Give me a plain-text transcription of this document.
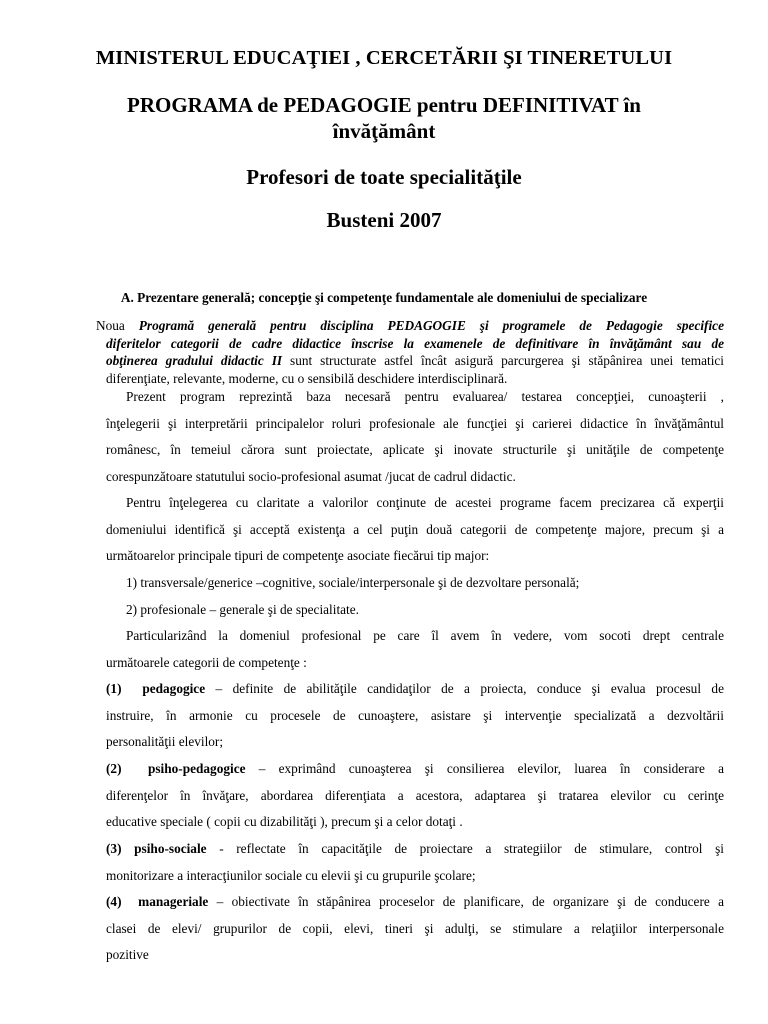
MINISTERUL EDUCAŢIEI , CERCETĂRII ŞI TINERETULUI
PROGRAMA de PEDAGOGIE pentru DEFINITIVAT în
învăţământ
Profesori de toate specialităţile
Busteni 2007
A. Prezentare generală; concepţie şi competenţe fundamentale ale domeniului de specializare
Noua Programă generală pentru disciplina PEDAGOGIE şi programele de Pedagogie specifice
diferitelor categorii de cadre didactice înscrise la examenele de definitivare în învăţământ sau de
obţinerea gradului didactic II sunt structurate astfel încât asigură parcurgerea şi stăpânirea unei tematici
diferenţiate, relevante, moderne, cu o sensibilă deschidere interdisciplinară.
Prezent program reprezintă baza necesară pentru evaluarea/ testarea concepţiei, cunoaşterii ,
înţelegerii şi interpretării principalelor roluri profesionale ale funcţiei şi carierei didactice în învăţământul
românesc, în temeiul cărora sunt proiectate, aplicate şi inovate structurile şi unităţile de competenţe
corespunzătoare statutului socio-profesional asumat /jucat de cadrul didactic.
Pentru înţelegerea cu claritate a valorilor conţinute de acestei programe facem precizarea că experţii
domeniului identifică şi acceptă existenţa a cel puţin două categorii de competenţe majore, precum şi a
următoarelor principale tipuri de competenţe asociate fiecărui tip major:
1) transversale/generice –cognitive, sociale/interpersonale şi de dezvoltare personală;
2) profesionale – generale şi de specialitate.
Particularizând la domeniul profesional pe care îl avem în vedere, vom socoti drept centrale
următoarele categorii de competenţe :
(1) pedagogice – definite de abilităţile candidaţilor de a proiecta, conduce şi evalua procesul de
instruire, în armonie cu procesele de cunoaştere, asistare şi intervenţie specializată a dezvoltării
personalităţii elevilor;
(2) psiho-pedagogice – exprimând cunoaşterea şi consilierea elevilor, luarea în considerare a
diferenţelor în învăţare, abordarea diferenţiata a acestora, adaptarea şi tratarea elevilor cu cerinţe
educative speciale ( copii cu dizabilităţi ), precum şi a celor dotaţi .
(3) psiho-sociale - reflectate în capacităţile de proiectare a strategiilor de stimulare, control şi
monitorizare a interacţiunilor sociale cu elevii şi cu grupurile şcolare;
(4) manageriale – obiectivate în stăpânirea proceselor de planificare, de organizare şi de conducere a
clasei de elevi/ grupurilor de copii, elevi, tineri şi adulţi, se stimulare a relaţiilor interpersonale
pozitive
